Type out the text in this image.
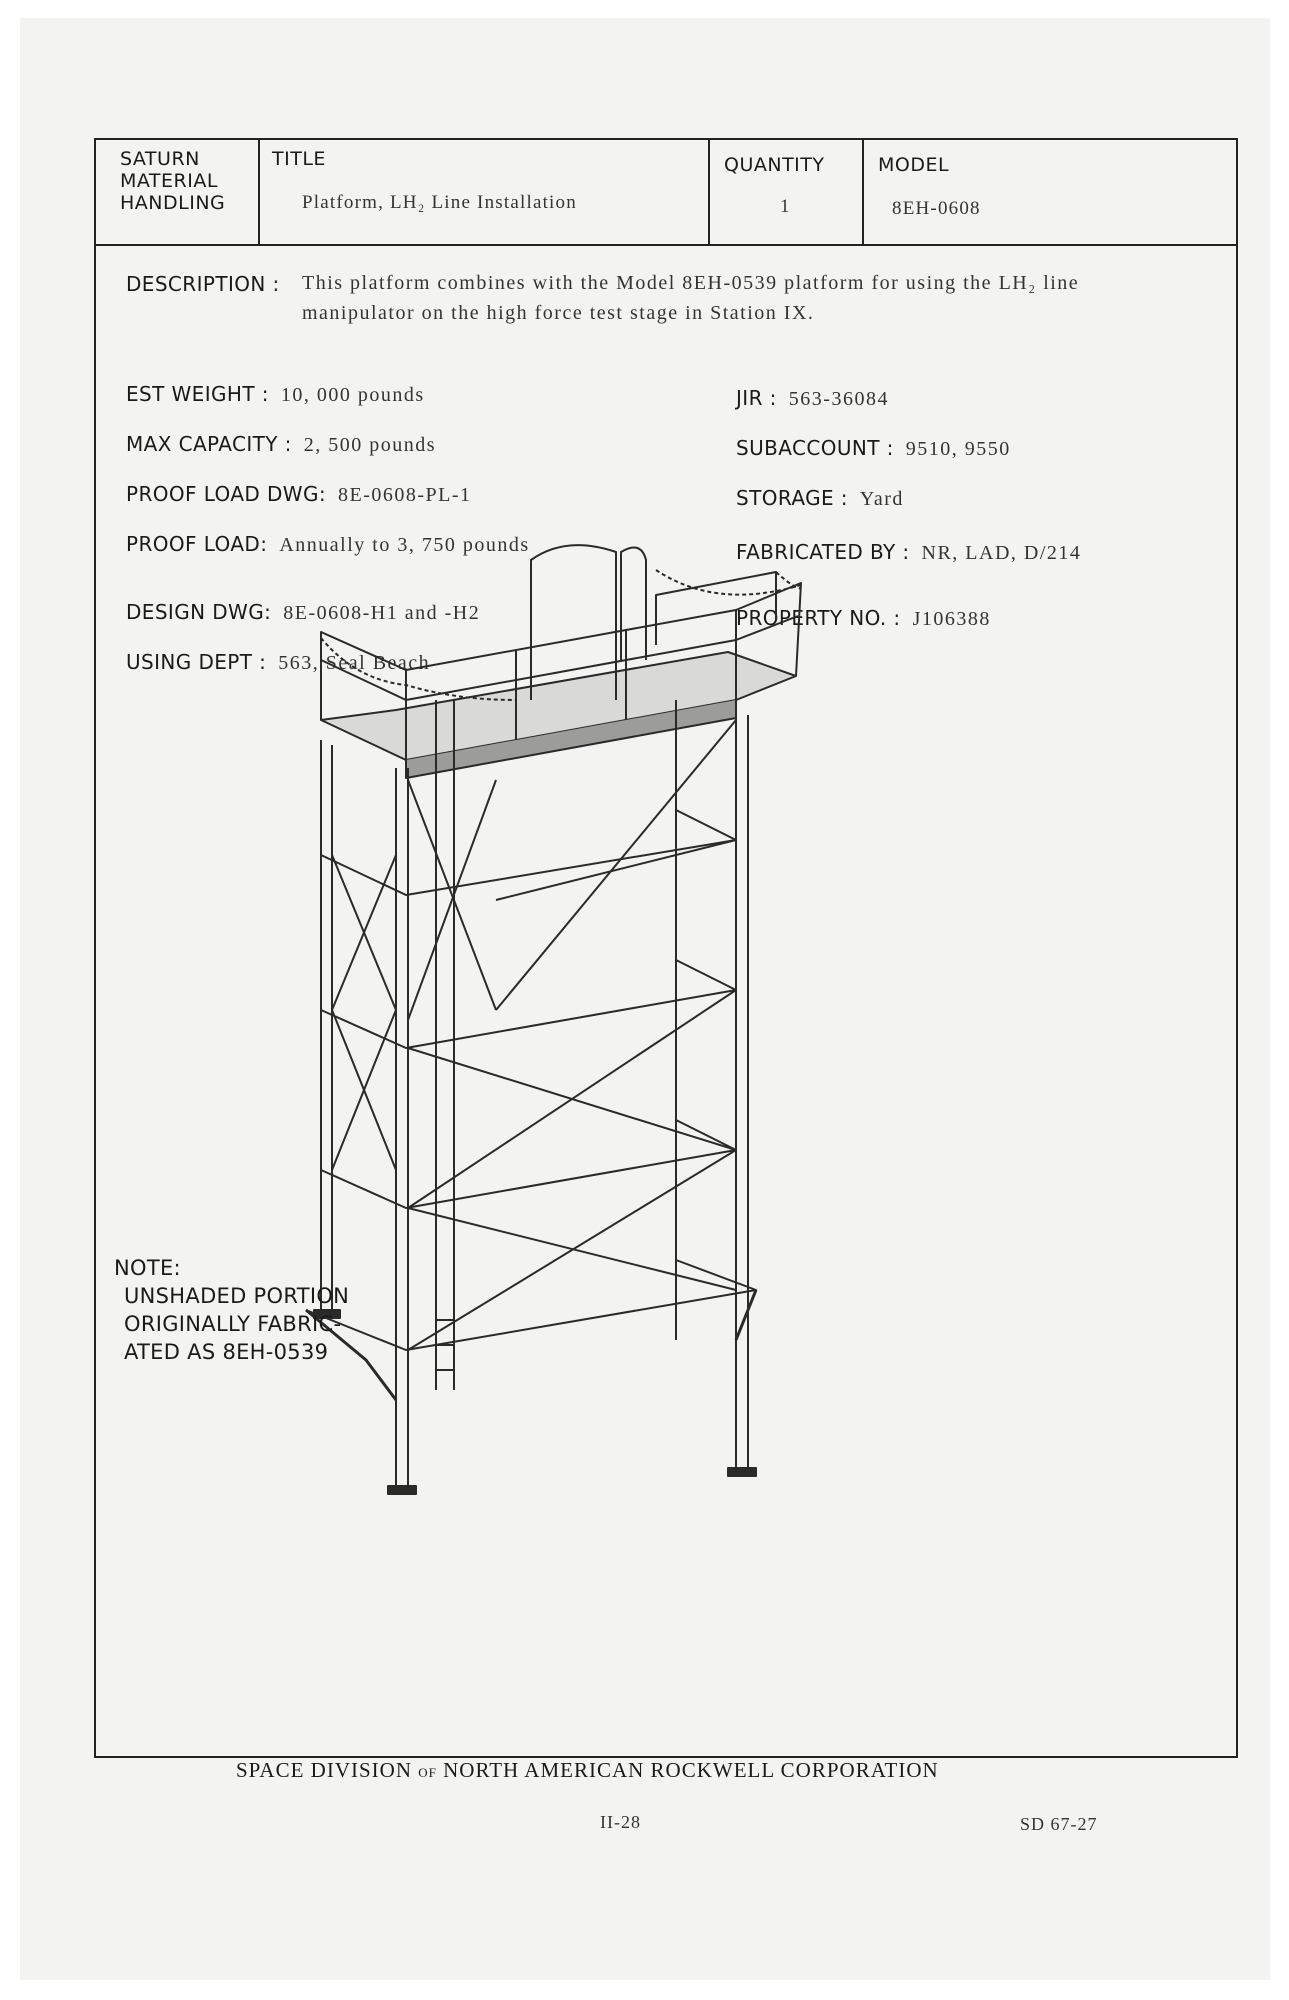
SATURN
MATERIAL
HANDLING
TITLE
Platform, LH₂ Line Installation
QUANTITY
1
MODEL
8EH-0608
DESCRIPTION : This platform combines with the Model 8EH-0539 platform for using the LH₂ line
manipulator on the high force test stage in Station IX.
EST WEIGHT : 10, 000 pounds
MAX CAPACITY : 2, 500 pounds
PROOF LOAD DWG: 8E-0608-PL-1
PROOF LOAD: Annually to 3, 750 pounds
DESIGN DWG: 8E-0608-H1 and -H2
USING DEPT : 563, Seal Beach
JIR : 563-36084
SUBACCOUNT : 9510, 9550
STORAGE : Yard
FABRICATED BY : NR, LAD, D/214
PROPERTY NO. : J106388
NOTE:
UNSHADED PORTION
ORIGINALLY FABRIC-
ATED AS 8EH-0539
SPACE DIVISION OF NORTH AMERICAN ROCKWELL CORPORATION
II-28	SD 67-27
